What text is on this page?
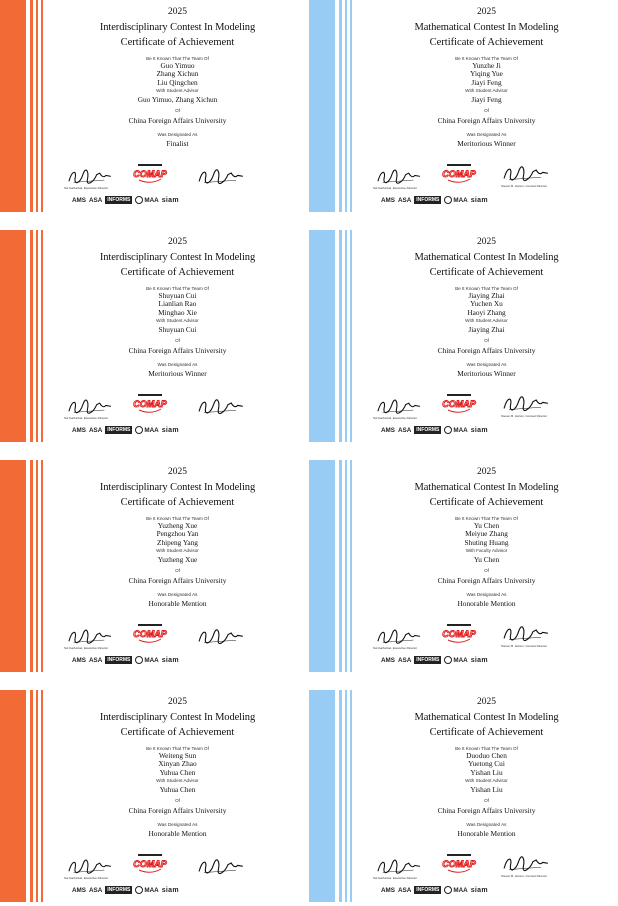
2025
Interdisciplinary Contest In Modeling
Certificate of Achievement
Be It Known That The Team Of
Guo Yimuo
Zhang Xichun
Liu Qingchen
With Student Advisor
Guo Yimuo, Zhang Xichun
Of
China Foreign Affairs University
Was Designated As
Finalist
Sol Garfunkel, Executive Director
COMAP
AMS ASA	INFORMS	MAA siam
2025
Mathematical Contest In Modeling
Certificate of Achievement
Be It Known That The Team Of
Yunzhe Ji
Yiqing Yue
Jiayi Feng
With Student Advisor
Jiayi Feng
Of
China Foreign Affairs University
Was Designated As
Meritorious Winner
Sol Garfunkel, Executive Director
COMAP
Steven B. Horton, Contest Director
AMS ASA	INFORMS	MAA siam
2025
Interdisciplinary Contest In Modeling
Certificate of Achievement
Be It Known That The Team Of
Shuyuan Cui
Lianlian Rao
Minghao Xie
With Student Advisor
Shuyuan Cui
Of
China Foreign Affairs University
Was Designated As
Meritorious Winner
Sol Garfunkel, Executive Director
COMAP
AMS ASA	INFORMS	MAA siam
2025
Mathematical Contest In Modeling
Certificate of Achievement
Be It Known That The Team Of
Jiaying Zhai
Yuchen Xu
Haoyi Zhang
With Student Advisor
Jiaying Zhai
Of
China Foreign Affairs University
Was Designated As
Meritorious Winner
Sol Garfunkel, Executive Director
COMAP
Steven B. Horton, Contest Director
AMS ASA	INFORMS	MAA siam
2025
Interdisciplinary Contest In Modeling
Certificate of Achievement
Be It Known That The Team Of
Yuzheng Xue
Pengzhou Yan
Zhipeng Yang
With Student Advisor
Yuzheng Xue
Of
China Foreign Affairs University
Was Designated As
Honorable Mention
Sol Garfunkel, Executive Director
COMAP
AMS ASA	INFORMS	MAA siam
2025
Mathematical Contest In Modeling
Certificate of Achievement
Be It Known That The Team Of
Yu Chen
Meiyue Zhang
Shuting Huang
With Faculty Advisor
Yu Chen
Of
China Foreign Affairs University
Was Designated As
Honorable Mention
Sol Garfunkel, Executive Director
COMAP
Steven B. Horton, Contest Director
AMS ASA	INFORMS	MAA siam
2025
Interdisciplinary Contest In Modeling
Certificate of Achievement
Be It Known That The Team Of
Weiteng Sun
Xinyan Zhao
Yuhua Chen
With Student Advisor
Yuhua Chen
Of
China Foreign Affairs University
Was Designated As
Honorable Mention
Sol Garfunkel, Executive Director
COMAP
AMS ASA	INFORMS	MAA siam
2025
Mathematical Contest In Modeling
Certificate of Achievement
Be It Known That The Team Of
Duoduo Chen
Yuetong Cui
Yishan Liu
With Student Advisor
Yishan Liu
Of
China Foreign Affairs University
Was Designated As
Honorable Mention
Sol Garfunkel, Executive Director
COMAP
Steven B. Horton, Contest Director
AMS ASA	INFORMS	MAA siam
